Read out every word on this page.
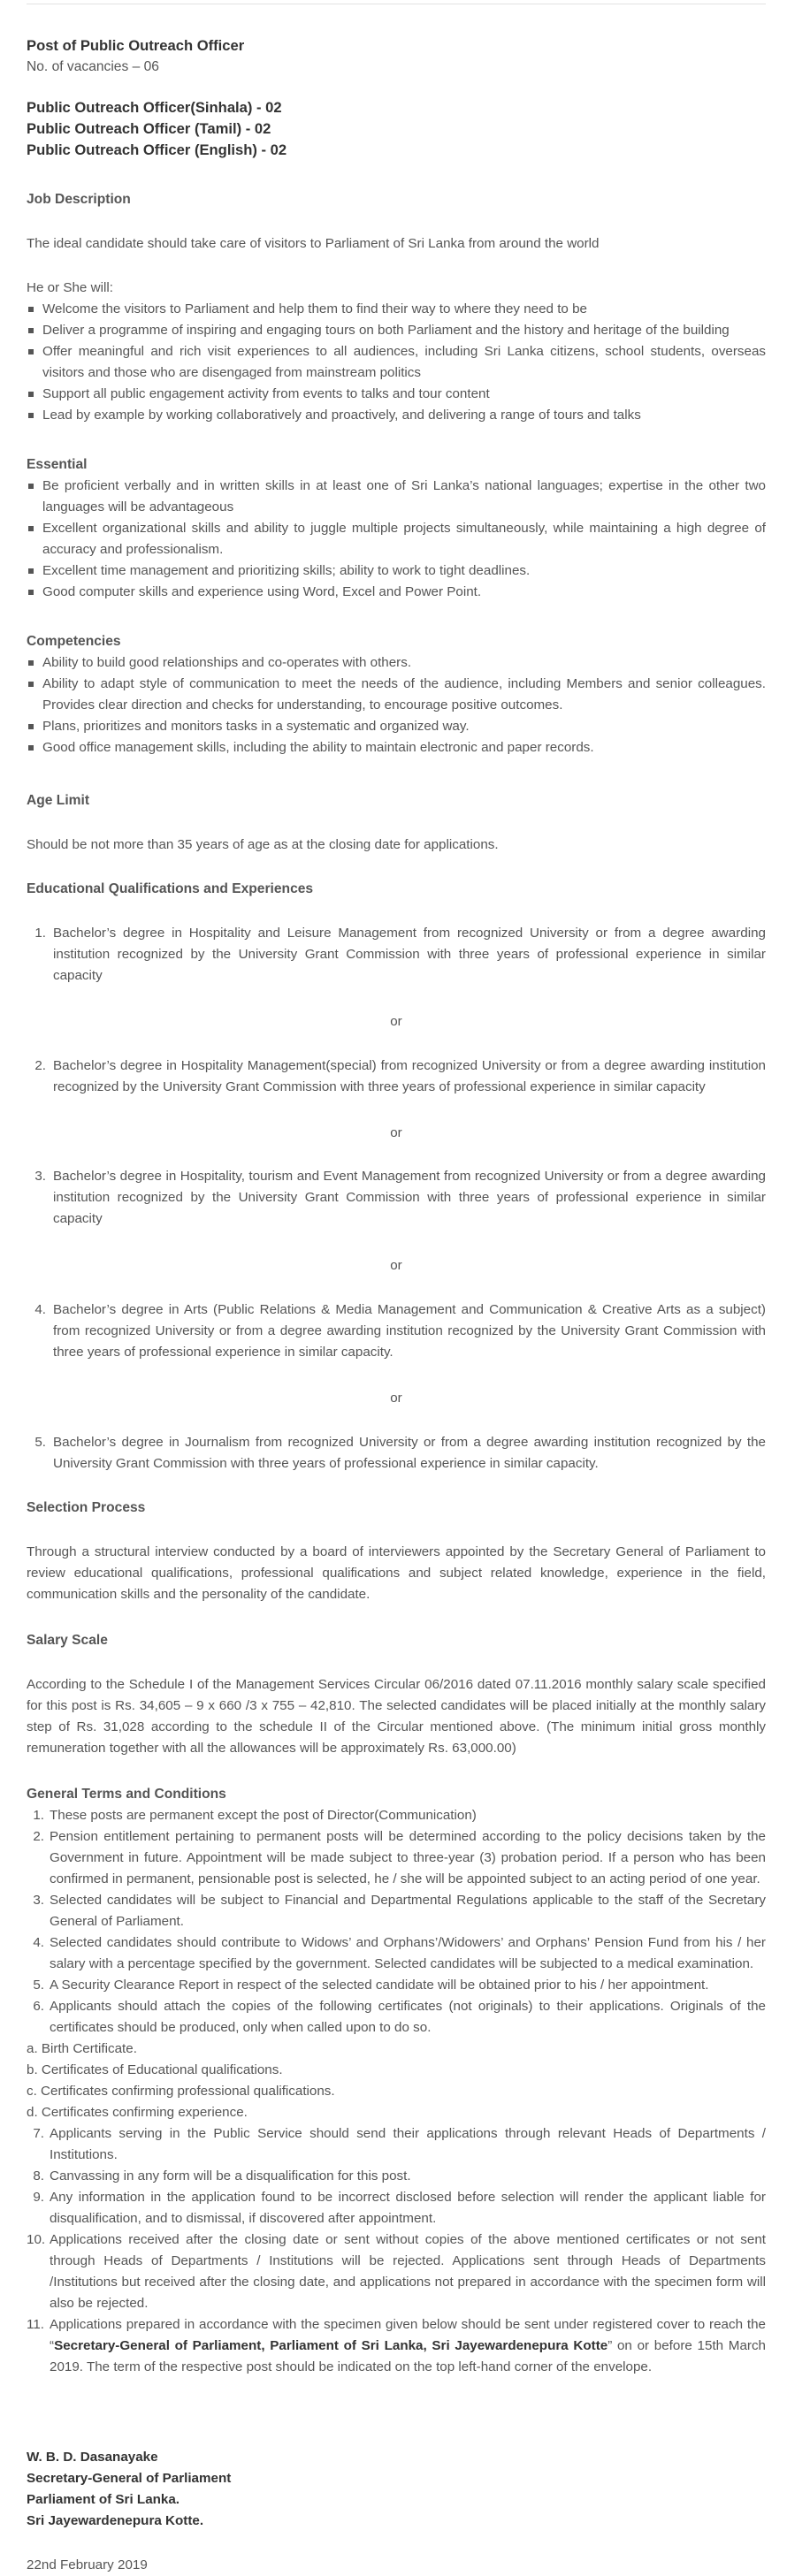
Post of Public Outreach Officer
No. of vacancies – 06
Public Outreach Officer(Sinhala) - 02
Public Outreach Officer (Tamil) - 02
Public Outreach Officer (English) - 02
Job Description
The ideal candidate should take care of visitors to Parliament of Sri Lanka from around the world
He or She will:
Welcome the visitors to Parliament and help them to find their way to where they need to be
Deliver a programme of inspiring and engaging tours on both Parliament and the history and heritage of the building
Offer meaningful and rich visit experiences to all audiences, including Sri Lanka citizens, school students, overseas visitors and those who are disengaged from mainstream politics
Support all public engagement activity from events to talks and tour content
Lead by example by working collaboratively and proactively, and delivering a range of tours and talks
Essential
Be proficient verbally and in written skills in at least one of Sri Lanka’s national languages; expertise in the other two languages will be advantageous
Excellent organizational skills and ability to juggle multiple projects simultaneously, while maintaining a high degree of accuracy and professionalism.
Excellent time management and prioritizing skills; ability to work to tight deadlines.
Good computer skills and experience using Word, Excel and Power Point.
Competencies
Ability to build good relationships and co-operates with others.
Ability to adapt style of communication to meet the needs of the audience, including Members and senior colleagues. Provides clear direction and checks for understanding, to encourage positive outcomes.
Plans, prioritizes and monitors tasks in a systematic and organized way.
Good office management skills, including the ability to maintain electronic and paper records.
Age Limit
Should be not more than 35 years of age as at the closing date for applications.
Educational Qualifications and Experiences
1. Bachelor’s degree in Hospitality and Leisure Management from recognized University or from a degree awarding institution recognized by the University Grant Commission with three years of professional experience in similar capacity
or
2. Bachelor’s degree in Hospitality Management(special) from recognized University or from a degree awarding institution recognized by the University Grant Commission with three years of professional experience in similar capacity
or
3. Bachelor’s degree in Hospitality, tourism and Event Management from recognized University or from a degree awarding institution recognized by the University Grant Commission with three years of professional experience in similar capacity
or
4. Bachelor’s degree in Arts (Public Relations & Media Management and Communication & Creative Arts as a subject) from recognized University or from a degree awarding institution recognized by the University Grant Commission with three years of professional experience in similar capacity.
or
5. Bachelor’s degree in Journalism from recognized University or from a degree awarding institution recognized by the University Grant Commission with three years of professional experience in similar capacity.
Selection Process
Through a structural interview conducted by a board of interviewers appointed by the Secretary General of Parliament to review educational qualifications, professional qualifications and subject related knowledge, experience in the field, communication skills and the personality of the candidate.
Salary Scale
According to the Schedule I of the Management Services Circular 06/2016 dated 07.11.2016 monthly salary scale specified for this post is Rs. 34,605 – 9 x 660 /3 x 755 – 42,810. The selected candidates will be placed initially at the monthly salary step of Rs. 31,028 according to the schedule II of the Circular mentioned above. (The minimum initial gross monthly remuneration together with all the allowances will be approximately Rs. 63,000.00)
General Terms and Conditions
1. These posts are permanent except the post of Director(Communication)
2. Pension entitlement pertaining to permanent posts will be determined according to the policy decisions taken by the Government in future. Appointment will be made subject to three-year (3) probation period. If a person who has been confirmed in permanent, pensionable post is selected, he / she will be appointed subject to an acting period of one year.
3. Selected candidates will be subject to Financial and Departmental Regulations applicable to the staff of the Secretary General of Parliament.
4. Selected candidates should contribute to Widows’ and Orphans’/Widowers’ and Orphans’ Pension Fund from his / her salary with a percentage specified by the government. Selected candidates will be subjected to a medical examination.
5. A Security Clearance Report in respect of the selected candidate will be obtained prior to his / her appointment.
6. Applicants should attach the copies of the following certificates (not originals) to their applications. Originals of the certificates should be produced, only when called upon to do so.
a. Birth Certificate.
b. Certificates of Educational qualifications.
c. Certificates confirming professional qualifications.
d. Certificates confirming experience.
7. Applicants serving in the Public Service should send their applications through relevant Heads of Departments / Institutions.
8. Canvassing in any form will be a disqualification for this post.
9. Any information in the application found to be incorrect disclosed before selection will render the applicant liable for disqualification, and to dismissal, if discovered after appointment.
10. Applications received after the closing date or sent without copies of the above mentioned certificates or not sent through Heads of Departments / Institutions will be rejected. Applications sent through Heads of Departments /Institutions but received after the closing date, and applications not prepared in accordance with the specimen form will also be rejected.
11. Applications prepared in accordance with the specimen given below should be sent under registered cover to reach the “Secretary-General of Parliament, Parliament of Sri Lanka, Sri Jayewardenepura Kotte” on or before 15th March 2019. The term of the respective post should be indicated on the top left-hand corner of the envelope.
W. B. D. Dasanayake
Secretary-General of Parliament
Parliament of Sri Lanka.
Sri Jayewardenepura Kotte.
22nd February 2019
